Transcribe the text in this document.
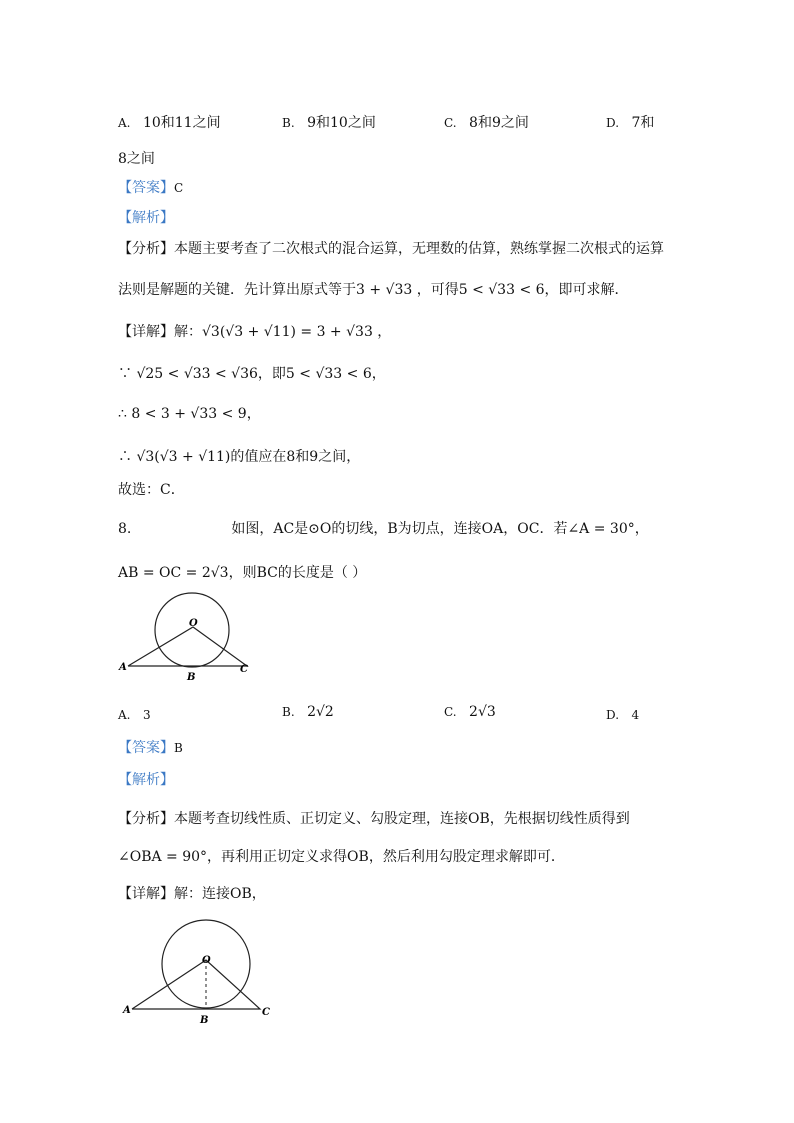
A. 10和11之间	B. 9和10之间	C. 8和9之间	D. 7和
8之间
【答案】C
【解析】
【分析】本题主要考查了二次根式的混合运算，无理数的估算，熟练掌握二次根式的运算
法则是解题的关键．先计算出原式等于3 + √33 ，可得5 < √33 < 6，即可求解．
【详解】解：√3(√3 + √11) = 3 + √33 ，
∵ √25 < √33 < √36，即5 < √33 < 6，
∴ 8 < 3 + √33 < 9，
∴ √3(√3 + √11)的值应在8和9之间，
故选：C．
8.	如图，AC是⊙O的切线，B为切点，连接OA，OC．若∠A = 30°，
AB = OC = 2√3，则BC的长度是（ ）
O
A
B
C
A. 3	B. 2√2	C. 2√3	D. 4
【答案】B
【解析】
【分析】本题考查切线性质、正切定义、勾股定理，连接OB，先根据切线性质得到
∠OBA = 90°，再利用正切定义求得OB，然后利用勾股定理求解即可．
【详解】解：连接OB，
O
A
B
C
